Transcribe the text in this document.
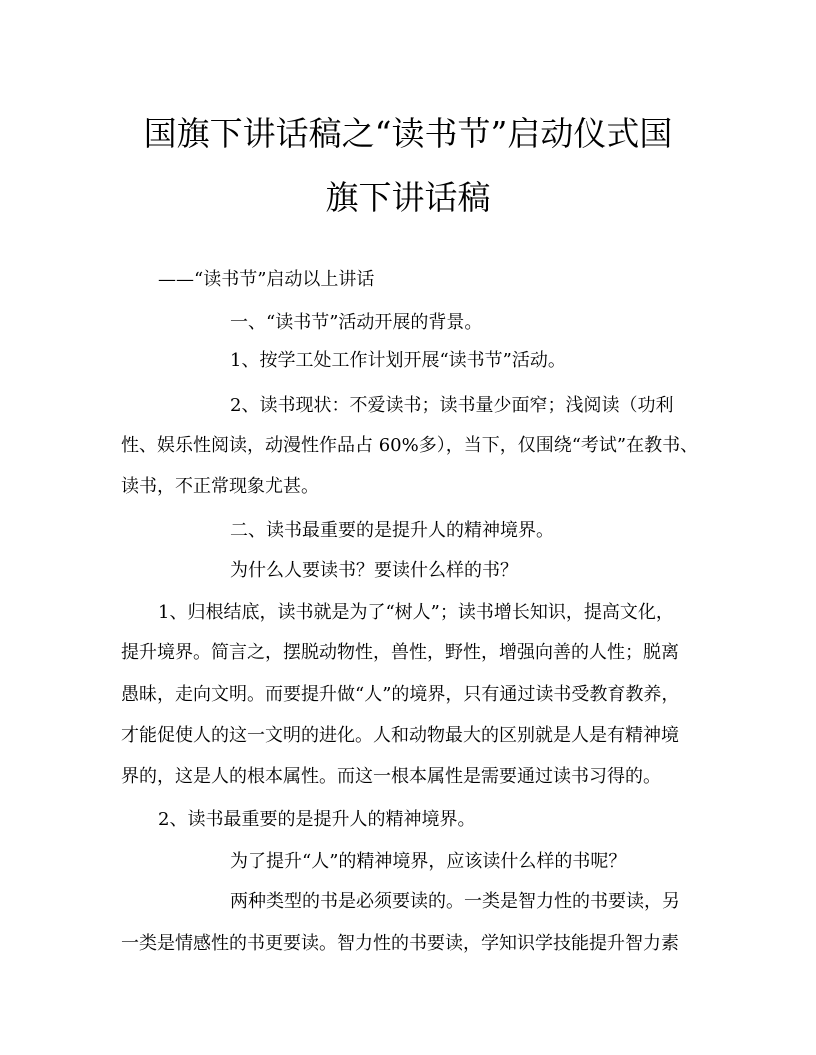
国旗下讲话稿之“读书节”启动仪式国
旗下讲话稿

——“读书节”启动以上讲话

一、“读书节”活动开展的背景。

1、按学工处工作计划开展“读书节”活动。

2、读书现状：不爱读书；读书量少面窄；浅阅读（功利

性、娱乐性阅读，动漫性作品占 60%多），当下，仅围绕“考试”在教书、

读书，不正常现象尤甚。

二、读书最重要的是提升人的精神境界。

为什么人要读书？要读什么样的书？

1、归根结底，读书就是为了“树人”；读书增长知识，提高文化，

提升境界。简言之，摆脱动物性，兽性，野性，增强向善的人性；脱离

愚昧，走向文明。而要提升做“人”的境界，只有通过读书受教育教养，

才能促使人的这一文明的进化。人和动物最大的区别就是人是有精神境

界的，这是人的根本属性。而这一根本属性是需要通过读书习得的。

2、读书最重要的是提升人的精神境界。

为了提升“人”的精神境界，应该读什么样的书呢？

两种类型的书是必须要读的。一类是智力性的书要读，另

一类是情感性的书更要读。智力性的书要读，学知识学技能提升智力素
